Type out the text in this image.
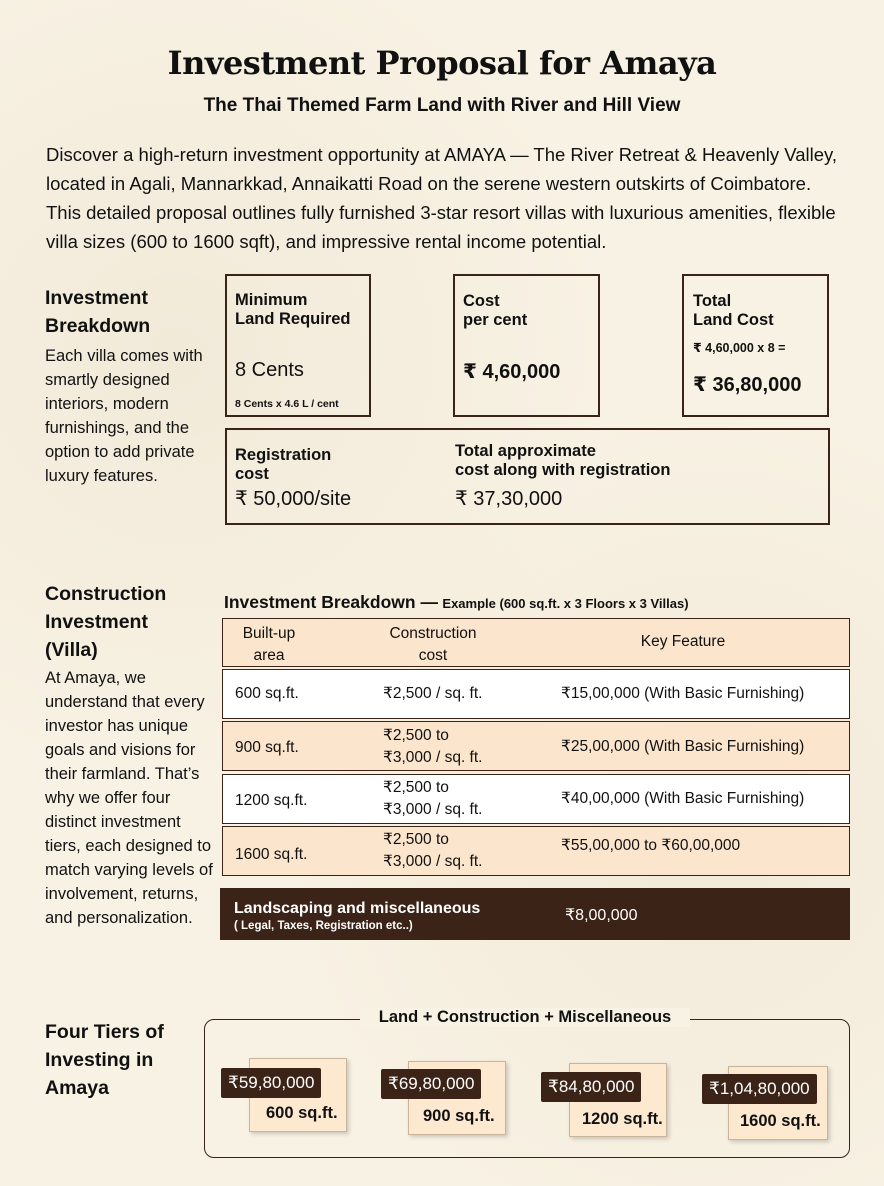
Investment Proposal for Amaya
The Thai Themed Farm Land with River and Hill View
Discover a high-return investment opportunity at AMAYA — The River Retreat & Heavenly Valley, located in Agali, Mannarkkad, Annaikatti Road on the serene western outskirts of Coimbatore. This detailed proposal outlines fully furnished 3-star resort villas with luxurious amenities, flexible villa sizes (600 to 1600 sqft), and impressive rental income potential.
Investment
Breakdown
Each villa comes with smartly designed interiors, modern furnishings, and the option to add private luxury features.
Minimum
Land Required
8 Cents
8 Cents x 4.6 L / cent
Cost
per cent
₹ 4,60,000
Total
Land Cost
₹ 4,60,000 x 8 =
₹ 36,80,000
Registration
cost
₹ 50,000/site
Total approximate
cost along with registration
₹ 37,30,000
Construction
Investment
(Villa)
At Amaya, we understand that every investor has unique goals and visions for their farmland. That’s why we offer four distinct investment tiers, each designed to match varying levels of involvement, returns, and personalization.
Investment Breakdown — Example (600 sq.ft. x 3 Floors x 3 Villas)
Built-up
area
Construction
cost
Key Feature
600 sq.ft.	₹2,500 / sq. ft.	₹15,00,000 (With Basic Furnishing)
900 sq.ft.
₹2,500 to
₹3,000 / sq. ft.
₹25,00,000 (With Basic Furnishing)
1200 sq.ft.
₹2,500 to
₹3,000 / sq. ft.
₹40,00,000 (With Basic Furnishing)
1600 sq.ft.
₹2,500 to
₹3,000 / sq. ft.
₹55,00,000 to ₹60,00,000
Landscaping and miscellaneous
( Legal, Taxes, Registration etc..)
₹8,00,000
Four Tiers of
Investing in
Amaya
Land + Construction + Miscellaneous
₹59,80,000
600 sq.ft.
₹69,80,000
900 sq.ft.
₹84,80,000
1200 sq.ft.
₹1,04,80,000
1600 sq.ft.
